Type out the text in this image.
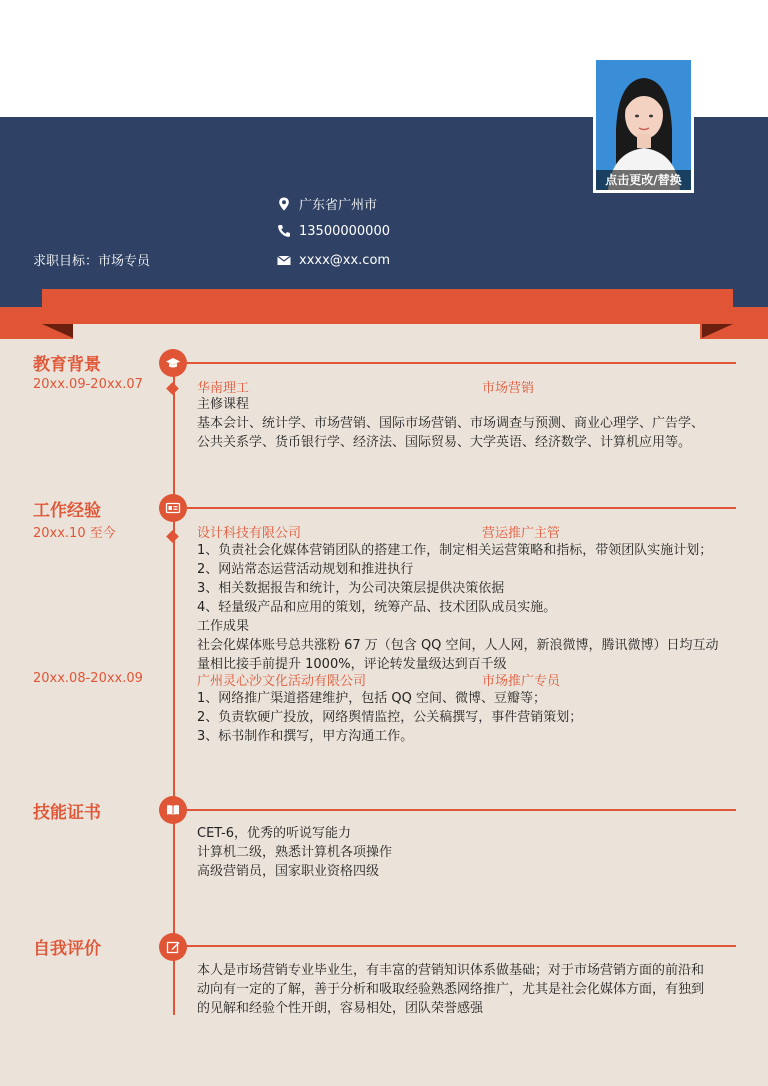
点击更改/替换
广东省广州市
13500000000
xxxx@xx.com
求职目标：市场专员
教育背景
20xx.09-20xx.07	华南理工	市场营销
主修课程
基本会计、统计学、市场营销、国际市场营销、市场调查与预测、商业心理学、广告学、
公共关系学、货币银行学、经济法、国际贸易、大学英语、经济数学、计算机应用等。
工作经验
20xx.10 至今	设计科技有限公司	营运推广主管
1、负责社会化媒体营销团队的搭建工作，制定相关运营策略和指标，带领团队实施计划；
2、网站常态运营活动规划和推进执行
3、相关数据报告和统计，为公司决策层提供决策依据
4、轻量级产品和应用的策划，统筹产品、技术团队成员实施。
工作成果
社会化媒体账号总共涨粉 67 万（包含 QQ 空间，人人网，新浪微博，腾讯微博）日均互动
量相比接手前提升 1000%，评论转发量级达到百千级
20xx.08-20xx.09	广州灵心沙文化活动有限公司	市场推广专员
1、网络推广渠道搭建维护，包括 QQ 空间、微博、豆瓣等；
2、负责软硬广投放，网络舆情监控，公关稿撰写，事件营销策划；
3、标书制作和撰写，甲方沟通工作。
技能证书
CET-6，优秀的听说写能力
计算机二级，熟悉计算机各项操作
高级营销员，国家职业资格四级
自我评价
本人是市场营销专业毕业生，有丰富的营销知识体系做基础；对于市场营销方面的前沿和
动向有一定的了解，善于分析和吸取经验熟悉网络推广，尤其是社会化媒体方面，有独到
的见解和经验个性开朗，容易相处，团队荣誉感强
